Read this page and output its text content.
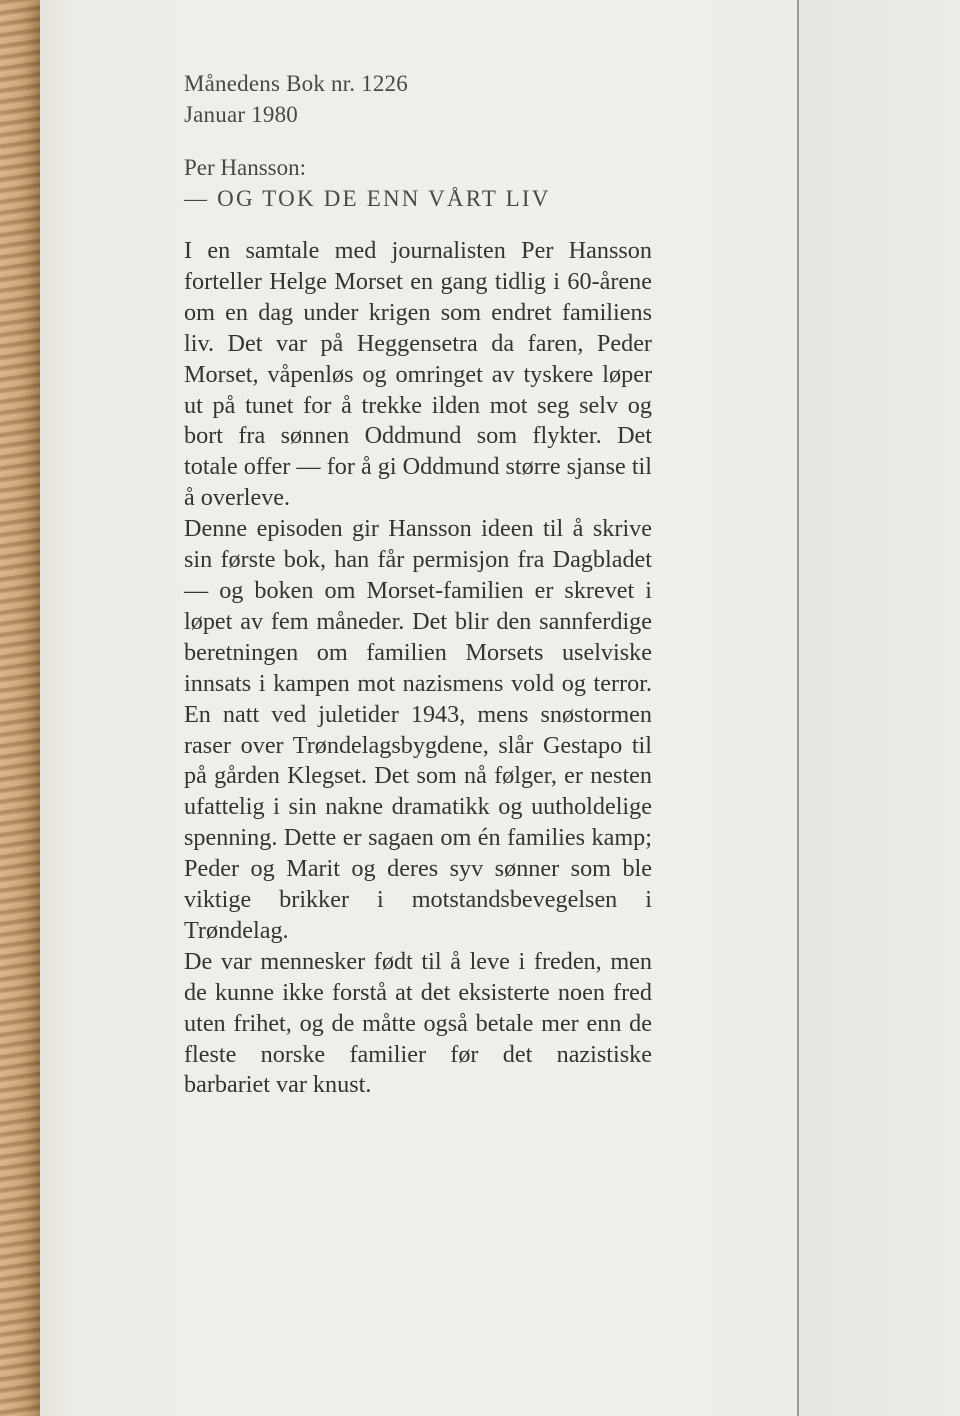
Månedens Bok nr. 1226
Januar 1980
Per Hansson:
— OG TOK DE ENN VÅRT LIV

I en samtale med journalisten Per Hansson forteller Helge Morset en gang tidlig i 60-årene om en dag under krigen som endret familiens liv. Det var på Heggensetra da faren, Peder Morset, våpenløs og omringet av tyskere løper ut på tunet for å trekke ilden mot seg selv og bort fra sønnen Oddmund som flykter. Det totale offer — for å gi Oddmund større sjanse til å overleve.

Denne episoden gir Hansson ideen til å skrive sin første bok, han får permisjon fra Dagbladet — og boken om Morset-familien er skrevet i løpet av fem måneder. Det blir den sannferdige beretningen om familien Morsets uselviske innsats i kampen mot nazismens vold og terror. En natt ved juletider 1943, mens snøstormen raser over Trøndelagsbygdene, slår Gestapo til på gården Klegset. Det som nå følger, er nesten ufattelig i sin nakne dramatikk og uutholdelige spenning. Dette er sagaen om én families kamp; Peder og Marit og deres syv sønner som ble viktige brikker i motstandsbevegelsen i Trøndelag.

De var mennesker født til å leve i freden, men de kunne ikke forstå at det eksisterte noen fred uten frihet, og de måtte også betale mer enn de fleste norske familier før det nazistiske barbariet var knust.
